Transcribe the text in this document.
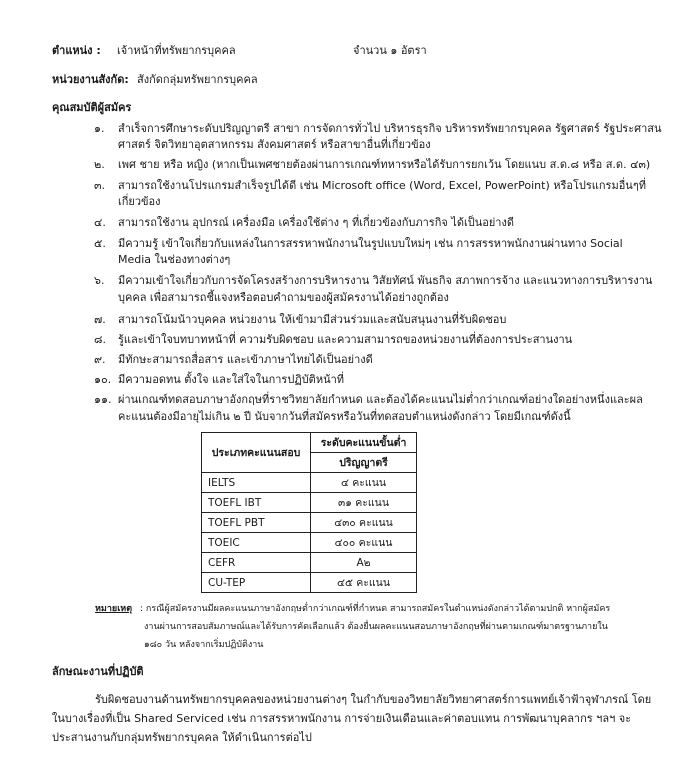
ตำแหน่ง : เจ้าหน้าที่ทรัพยากรบุคคล	จำนวน ๑ อัตรา
หน่วยงานสังกัด: สังกัดกลุ่มทรัพยากรบุคคล
คุณสมบัติผู้สมัคร
๑.	สำเร็จการศึกษาระดับปริญญาตรี สาขา การจัดการทั่วไป บริหารธุรกิจ บริหารทรัพยากรบุคคล รัฐศาสตร์ รัฐประศาสน
ศาสตร์ จิตวิทยาอุตสาหกรรม สังคมศาสตร์ หรือสาขาอื่นที่เกี่ยวข้อง
๒.	เพศ ชาย หรือ หญิง (หากเป็นเพศชายต้องผ่านการเกณฑ์ทหารหรือได้รับการยกเว้น โดยแนบ ส.ด.๘ หรือ ส.ด. ๔๓)
๓.	สามารถใช้งานโปรแกรมสำเร็จรูปได้ดี เช่น Microsoft office (Word, Excel, PowerPoint) หรือโปรแกรมอื่นๆที่
เกี่ยวข้อง
๔.	สามารถใช้งาน อุปกรณ์ เครื่องมือ เครื่องใช้ต่าง ๆ ที่เกี่ยวข้องกับภารกิจ ได้เป็นอย่างดี
๕.	มีความรู้ เข้าใจเกี่ยวกับแหล่งในการสรรหาพนักงานในรูปแบบใหม่ๆ เช่น การสรรหาพนักงานผ่านทาง Social
Media ในช่องทางต่างๆ
๖.	มีความเข้าใจเกี่ยวกับการจัดโครงสร้างการบริหารงาน วิสัยทัศน์ พันธกิจ สภาพการจ้าง และแนวทางการบริหารงาน
บุคคล เพื่อสามารถชี้แจงหรือตอบคำถามของผู้สมัครงานได้อย่างถูกต้อง
๗.	สามารถโน้มน้าวบุคคล หน่วยงาน ให้เข้ามามีส่วนร่วมและสนับสนุนงานที่รับผิดชอบ
๘.	รู้และเข้าใจบทบาทหน้าที่ ความรับผิดชอบ และความสามารถของหน่วยงานที่ต้องการประสานงาน
๙.	มีทักษะสามารถสื่อสาร และเข้าภาษาไทยได้เป็นอย่างดี
๑๐. มีความอดทน ตั้งใจ และใส่ใจในการปฏิบัติหน้าที่
๑๑. ผ่านเกณฑ์ทดสอบภาษาอังกฤษที่ราชวิทยาลัยกำหนด และต้องได้คะแนนไม่ต่ำกว่าเกณฑ์อย่างใดอย่างหนึ่งและผล
คะแนนต้องมีอายุไม่เกิน ๒ ปี นับจากวันที่สมัครหรือวันที่ทดสอบตำแหน่งดังกล่าว โดยมีเกณฑ์ดังนี้
ประเภทคะแนนสอบ	ระดับคะแนนขั้นต่ำ
	ปริญญาตรี
IELTS	๔ คะแนน
TOEFL IBT	๓๑ คะแนน
TOEFL PBT	๔๓๐ คะแนน
TOEIC	๔๐๐ คะแนน
CEFR	A๒
CU-TEP	๔๕ คะแนน
หมายเหตุ : กรณีผู้สมัครงานมีผลคะแนนภาษาอังกฤษต่ำกว่าเกณฑ์ที่กำหนด สามารถสมัครในตำแหน่งดังกล่าวได้ตามปกติ หากผู้สมัคร
งานผ่านการสอบสัมภาษณ์และได้รับการคัดเลือกแล้ว ต้องยื่นผลคะแนนสอบภาษาอังกฤษที่ผ่านตามเกณฑ์มาตรฐานภายใน
๑๘๐ วัน หลังจากเริ่มปฏิบัติงาน
ลักษณะงานที่ปฏิบัติ
รับผิดชอบงานด้านทรัพยากรบุคคลของหน่วยงานต่างๆ ในกำกับของวิทยาลัยวิทยาศาสตร์การแพทย์เจ้าฟ้าจุฬาภรณ์ โดย
ในบางเรื่องที่เป็น Shared Serviced เช่น การสรรหาพนักงาน การจ่ายเงินเดือนและค่าตอบแทน การพัฒนาบุคลากร ฯลฯ จะ
ประสานงานกับกลุ่มทรัพยากรบุคคล ให้ดำเนินการต่อไป
